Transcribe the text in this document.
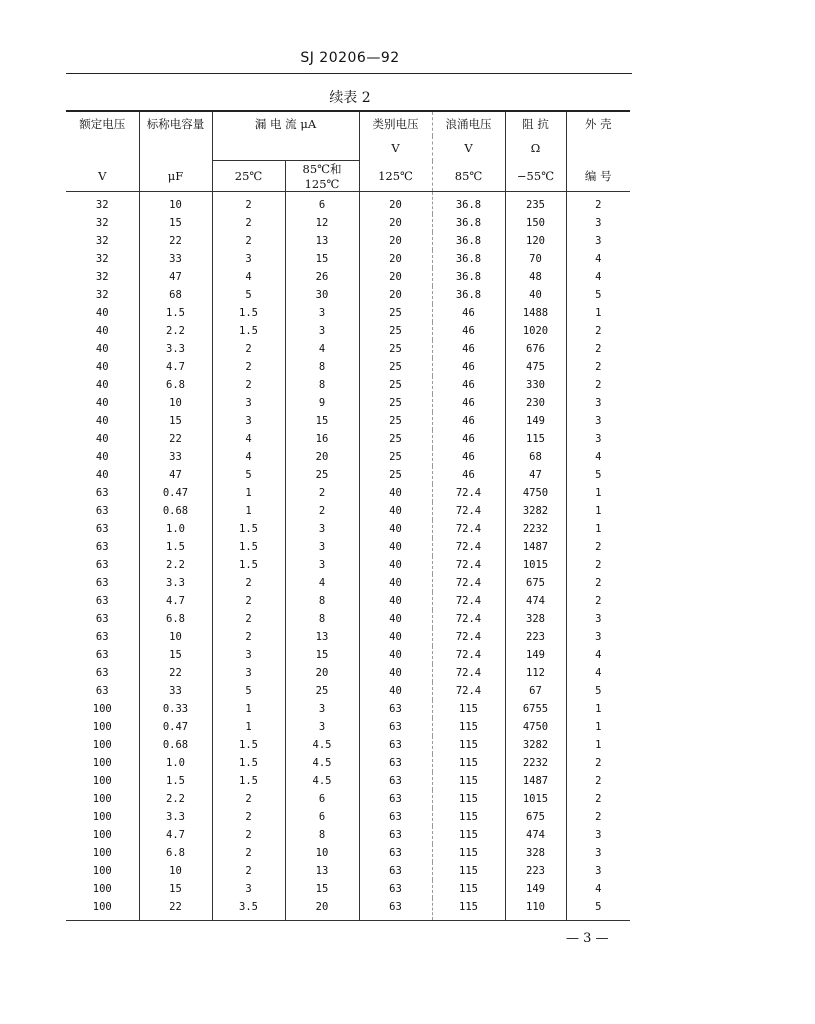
SJ 20206—92
续表 2
额定电压	标称电容量	漏 电 流 μA		类别电压	浪涌电压	阻 抗	外 壳
				V	V	Ω	
V	μF	25℃	85℃和125℃	125℃	85℃	−55℃	编 号
32	10	2	6	20	36.8	235	2
32	15	2	12	20	36.8	150	3
32	22	2	13	20	36.8	120	3
32	33	3	15	20	36.8	70	4
32	47	4	26	20	36.8	48	4
32	68	5	30	20	36.8	40	5
40	1.5	1.5	3	25	46	1488	1
40	2.2	1.5	3	25	46	1020	2
40	3.3	2	4	25	46	676	2
40	4.7	2	8	25	46	475	2
40	6.8	2	8	25	46	330	2
40	10	3	9	25	46	230	3
40	15	3	15	25	46	149	3
40	22	4	16	25	46	115	3
40	33	4	20	25	46	68	4
40	47	5	25	25	46	47	5
63	0.47	1	2	40	72.4	4750	1
63	0.68	1	2	40	72.4	3282	1
63	1.0	1.5	3	40	72.4	2232	1
63	1.5	1.5	3	40	72.4	1487	2
63	2.2	1.5	3	40	72.4	1015	2
63	3.3	2	4	40	72.4	675	2
63	4.7	2	8	40	72.4	474	2
63	6.8	2	8	40	72.4	328	3
63	10	2	13	40	72.4	223	3
63	15	3	15	40	72.4	149	4
63	22	3	20	40	72.4	112	4
63	33	5	25	40	72.4	67	5
100	0.33	1	3	63	115	6755	1
100	0.47	1	3	63	115	4750	1
100	0.68	1.5	4.5	63	115	3282	1
100	1.0	1.5	4.5	63	115	2232	2
100	1.5	1.5	4.5	63	115	1487	2
100	2.2	2	6	63	115	1015	2
100	3.3	2	6	63	115	675	2
100	4.7	2	8	63	115	474	3
100	6.8	2	10	63	115	328	3
100	10	2	13	63	115	223	3
100	15	3	15	63	115	149	4
100	22	3.5	20	63	115	110	5
— 3 —
